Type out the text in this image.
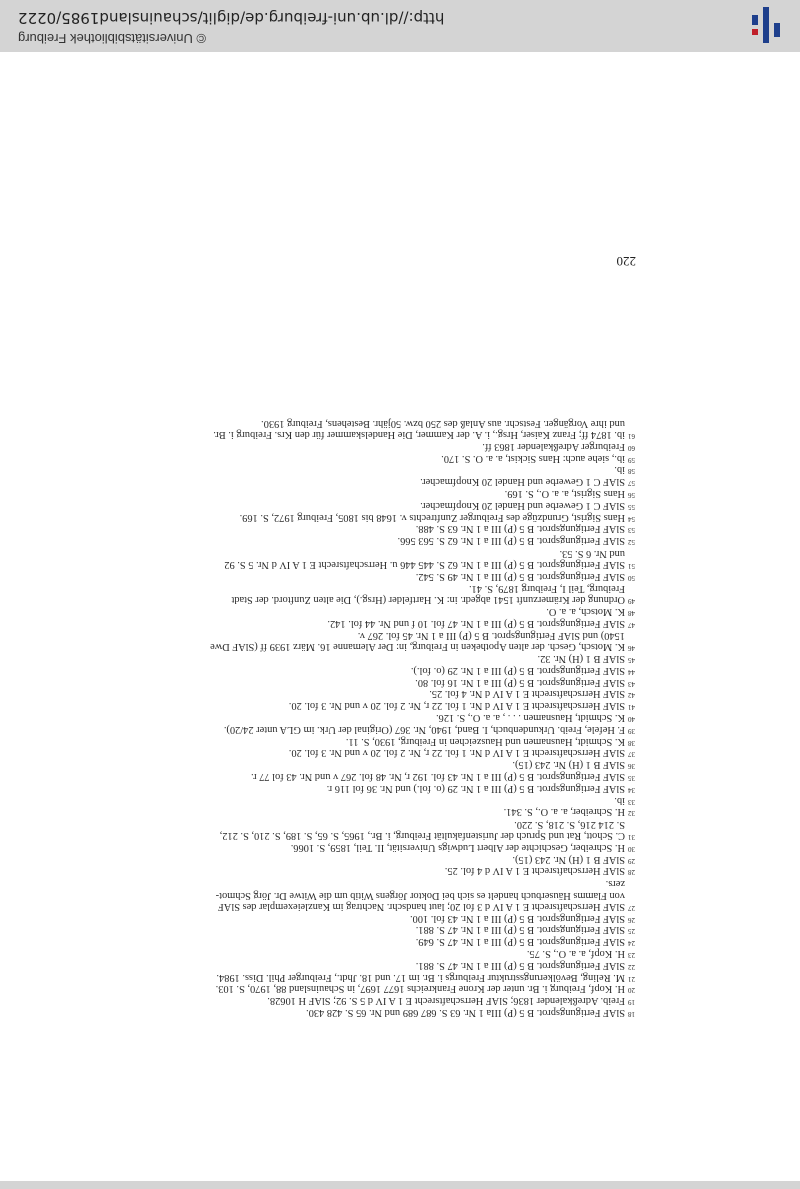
18SlAF Fertigungsprot. B 5 (P) IIIa 1 Nr. 63 S. 687 689 und Nr. 65 S. 428 430.
19Freib. Adreßkalender 1836; SlAF Herrschaftsrecht E 1 A IV d 5 S. 92; SlAF H 10628.
20H. Kopf, Freiburg i. Br. unter der Krone Frankreichs 1677 1697, in Schauinsland 88, 1970, S. 103.
21M. Reling, Bevölkerungsstruktur Freiburgs i. Br. im 17. und 18. Jhdt., Freiburger Phil. Diss. 1984.
22SlAF Fertigungsprot. B 5 (P) III a 1 Nr. 47 S. 881.
23H. Kopf, a. a. O., S. 75.
24SlAF Fertigungsprot. B 5 (P) III a 1 Nr. 47 S. 649.
25SlAF Fertigungsprot. B 5 (P) III a 1 Nr. 47 S. 881.
26SlAF Fertigungsprot. B 5 (P) III a 1 Nr. 43 fol. 100.
27SlAF Herrschaftsrecht E 1 A IV d 3 fol 20; laut handschr. Nachtrag im Kanzleiexemplar des SlAF
von Flamms Häuserbuch handelt es sich bei Doktor Jörgens Witib um die Witwe Dr. Jörg Schmot-
zers.
28SlAF Herrschaftsrecht E 1 A IV d 4 fol. 25.
29SlAF B 1 (H) Nr. 243 (15).
30H. Schreiber, Geschichte der Albert Ludwigs Universität, II. Teil, 1859, S. 1066.
31C. Schott, Rat und Spruch der Juristenfakultät Freiburg, i. Br., 1965, S. 65, S. 189, S. 210, S. 212,
S. 214 216, S. 218, S. 220.
32H. Schreiber, a. a. O., S. 341.
33ib.
34SlAF Fertigungsprot. B 5 (P) III a 1 Nr. 29 (o. fol.) und Nr. 36 fol 116 r.
35SlAF Fertigungsprot. B 5 (P) III a 1 Nr. 43 fol. 192 r, Nr. 48 fol. 267 v und Nr. 43 fol 77 r.
36SlAF B 1 (H) Nr. 243 (15).
37SlAF Herrschaftsrecht E 1 A IV d Nr. 1 fol. 22 r, Nr. 2 fol. 20 v und Nr. 3 fol. 20.
38K. Schmidt, Hausnamen und Hauszeichen in Freiburg, 1930, S. 11.
39F. Hefele, Freib. Urkundenbuch, I. Band, 1940, Nr. 367 (Original der Urk. im GLA unter 24/20).
40K. Schmidt, Hausnamen . . . , a. a. O., S. 126.
41SlAF Herrschaftsrecht E 1 A IV d Nr. 1 fol. 22 r, Nr. 2 fol. 20 v und Nr. 3 fol. 20.
42SlAF Herrschaftsrecht E 1 A IV d Nr. 4 fol. 25.
43SlAF Fertigungsprot. B 5 (P) III a 1 Nr. 16 fol. 80.
44SlAF Fertigungsprot. B 5 (P) III a 1 Nr. 29 (o. fol.).
45SlAF B 1 (H) Nr. 32.
46K. Motsch, Gesch. der alten Apotheken in Freiburg, in: Der Alemanne 16. März 1939 ff (SlAF Dwe
1540) und SlAF Fertigungsprot. B 5 (P) III a 1 Nr. 45 fol. 267 v.
47SlAF Fertigungsprot. B 5 (P) III a 1 Nr. 47 fol. 10 f und Nr. 44 fol. 142.
48K. Motsch, a. a. O.
49Ordnung der Krämerzunft 1541 abgedr. in: K. Hartfelder (Hrsg.), Die alten Zunftord. der Stadt
Freiburg, Teil I, Freiburg 1879, S. 41.
50SlAF Fertigungsprot. B 5 (P) III a 1 Nr. 49 S. 542.
51SlAF Fertigungsprot. B 5 (P) III a 1 Nr. 62 S. 445 446 u. Herrschaftsrecht E 1 A IV d Nr. 5 S. 92
und Nr. 6 S. 53.
52SlAF Fertigungsprot. B 5 (P) III a 1 Nr. 62 S. 563 566.
53SlAF Fertigungsprot. B 5 (P) III a 1 Nr. 63 S. 488.
54Hans Sigrist, Grundzüge des Freiburger Zunftrechts v. 1648 bis 1805, Freiburg 1972, S. 169.
55SlAF C 1 Gewerbe und Handel 20 Knopfmacher.
56Hans Sigrist, a. a. O., S. 169.
57SlAF C 1 Gewerbe und Handel 20 Knopfmacher.
58ib.
59ib., siehe auch: Hans Sickist, a. a. O. S. 170.
60Freiburger Adreßkalender 1863 ff.
61ib. 1874 ff; Franz Kaiser, Hrsg., i. A. der Kammer, Die Handelskammer für den Krs. Freiburg i. Br.
und ihre Vorgänger. Festschr. aus Anlaß des 250 bzw. 50jähr. Bestehens, Freiburg 1930.
220
© Universitätsbibliothek Freiburg
http://dl.ub.uni-freiburg.de/diglit/schauinsland1985/0222
